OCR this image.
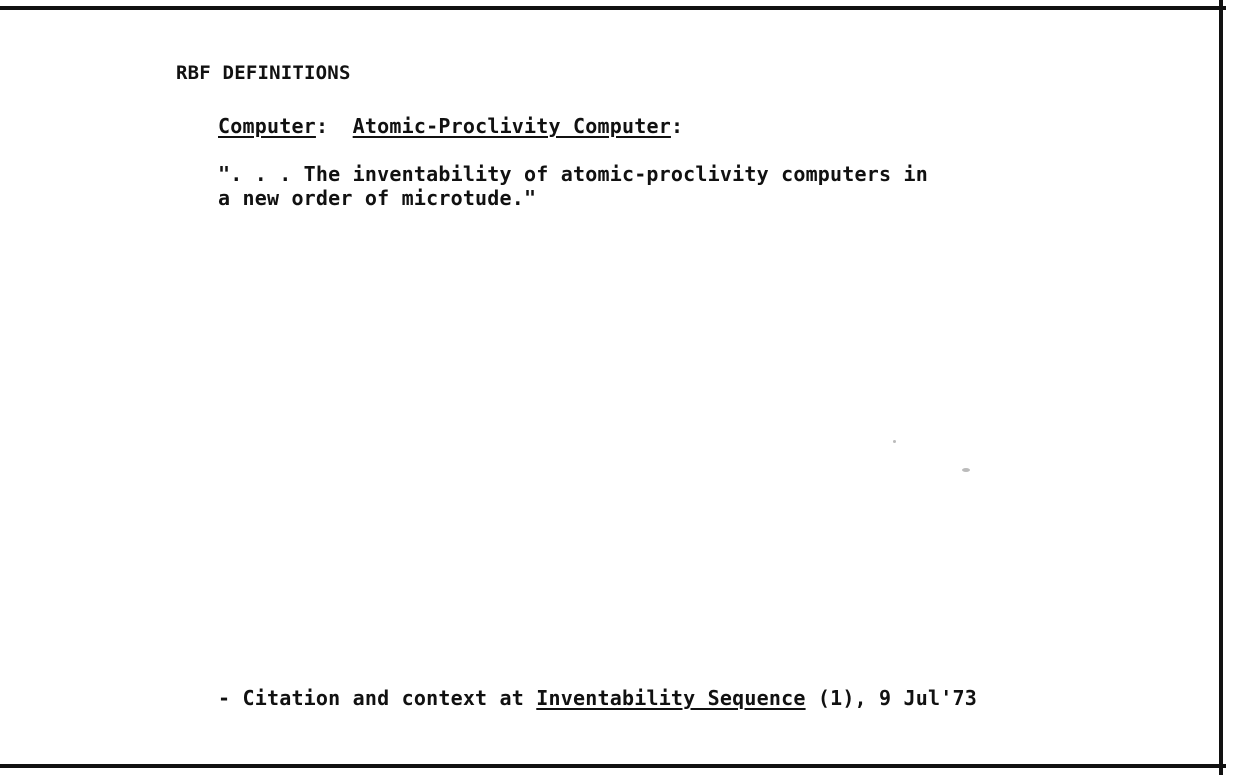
RBF DEFINITIONS
Computer: Atomic-Proclivity Computer:
". . . The inventability of atomic-proclivity computers in
a new order of microtude."
- Citation and context at Inventability Sequence (1), 9 Jul'73
